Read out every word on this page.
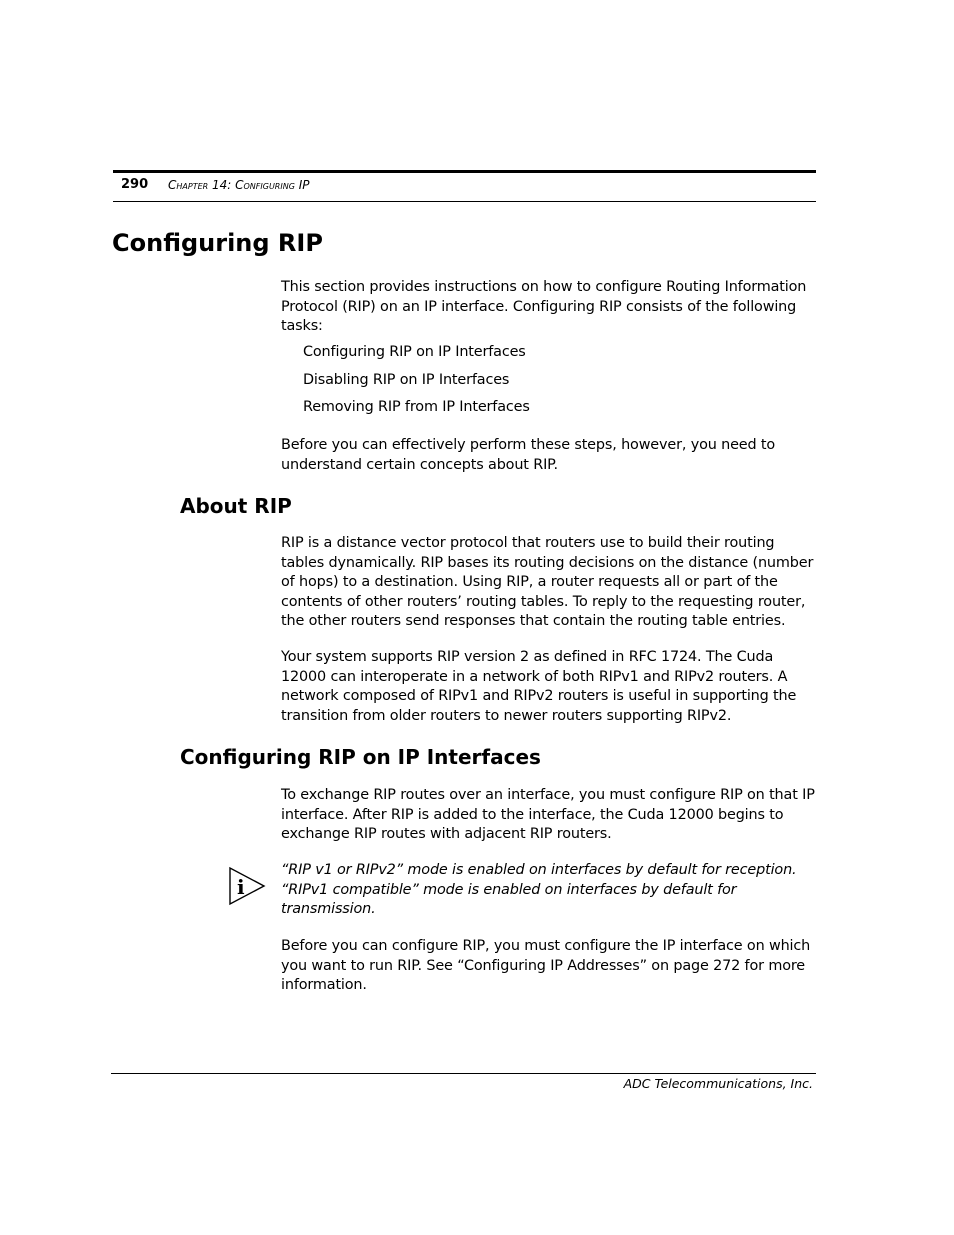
290 Chapter 14: Configuring IP
Configuring RIP

This section provides instructions on how to configure Routing Information Protocol (RIP) on an IP interface. Configuring RIP consists of the following tasks:

Configuring RIP on IP Interfaces
Disabling RIP on IP Interfaces
Removing RIP from IP Interfaces

Before you can effectively perform these steps, however, you need to understand certain concepts about RIP.

About RIP

RIP is a distance vector protocol that routers use to build their routing tables dynamically. RIP bases its routing decisions on the distance (number of hops) to a destination. Using RIP, a router requests all or part of the contents of other routers’ routing tables. To reply to the requesting router, the other routers send responses that contain the routing table entries.

Your system supports RIP version 2 as defined in RFC 1724. The Cuda 12000 can interoperate in a network of both RIPv1 and RIPv2 routers. A network composed of RIPv1 and RIPv2 routers is useful in supporting the transition from older routers to newer routers supporting RIPv2.

Configuring RIP on IP Interfaces

To exchange RIP routes over an interface, you must configure RIP on that IP interface. After RIP is added to the interface, the Cuda 12000 begins to exchange RIP routes with adjacent RIP routers.

i

“RIP v1 or RIPv2” mode is enabled on interfaces by default for reception. “RIPv1 compatible” mode is enabled on interfaces by default for transmission.

Before you can configure RIP, you must configure the IP interface on which you want to run RIP. See “Configuring IP Addresses” on page 272 for more information.

ADC Telecommunications, Inc.
